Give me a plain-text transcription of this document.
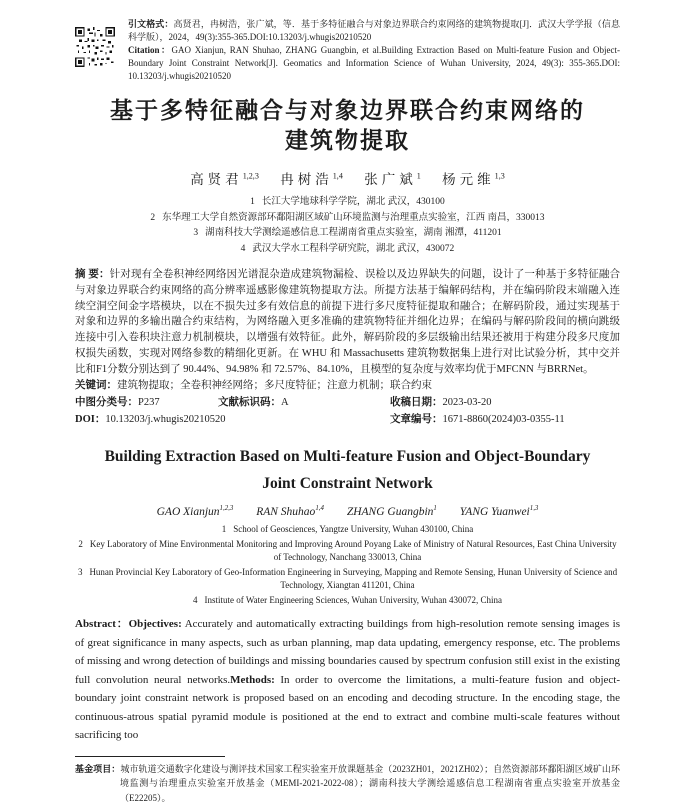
引文格式：高贤君，冉树浩，张广斌，等．基于多特征融合与对象边界联合约束网络的建筑物提取[J]．武汉大学学报（信息科学版），2024，49(3):355-365.DOI:10.13203/j.whugis20210520

Citation：GAO Xianjun, RAN Shuhao, ZHANG Guangbin, et al.Building Extraction Based on Multi-feature Fusion and Object-Boundary Joint Constraint Network[J]. Geomatics and Information Science of Wuhan University, 2024, 49(3): 355-365.DOI: 10.13203/j.whugis20210520

基于多特征融合与对象边界联合约束网络的
建筑物提取
高贤君$^{1,2,3}$ 冉树浩$^{1,4}$ 张广斌$^1$ 杨元维$^{1,3}$
1 长江大学地球科学学院，湖北 武汉，430100
2 东华理工大学自然资源部环鄱阳湖区域矿山环境监测与治理重点实验室，江西 南昌，330013
3 湖南科技大学测绘遥感信息工程湖南省重点实验室，湖南 湘潭，411201
4 武汉大学水工程科学研究院，湖北 武汉，430072

摘 要：针对现有全卷积神经网络因光谱混杂造成建筑物漏检、误检以及边界缺失的问题，设计了一种基于多特征融合与对象边界联合约束网络的高分辨率遥感影像建筑物提取方法。所提方法基于编解码结构，并在编码阶段末端融入连续空洞空间金字塔模块，以在不损失过多有效信息的前提下进行多尺度特征提取和融合；在解码阶段，通过实现基于对象和边界的多输出融合约束结构，为网络融入更多准确的建筑物特征并细化边界；在编码与解码阶段间的横向跳级连接中引入卷积块注意力机制模块，以增强有效特征。此外，解码阶段的多层级输出结果还被用于构建分段多尺度加权损失函数，实现对网络参数的精细化更新。在 WHU 和 Massachusetts 建筑物数据集上进行对比试验分析，其中交并比和F1分数分别达到了 90.44%、94.98% 和 72.57%、84.10%，且模型的复杂度与效率均优于MFCNN 与BRRNet。

关键词：建筑物提取；全卷积神经网络；多尺度特征；注意力机制；联合约束

中图分类号：P237	文献标识码：A	收稿日期：2023-03-20
DOI：10.13203/j.whugis20210520	文章编号：1671-8860(2024)03-0355-11
Building Extraction Based on Multi-feature Fusion and Object-Boundary
Joint Constraint Network
GAO Xianjun$^{1,2,3}$ RAN Shuhao$^{1,4}$ ZHANG Guangbin$^1$ YANG Yuanwei$^{1,3}$
1 School of Geosciences, Yangtze University, Wuhan 430100, China
2 Key Laboratory of Mine Environmental Monitoring and Improving Around Poyang Lake of Ministry of Natural Resources, East China University of Technology, Nanchang 330013, China
3 Hunan Provincial Key Laboratory of Geo-Information Engineering in Surveying, Mapping and Remote Sensing, Hunan University of Science and Technology, Xiangtan 411201, China
4 Institute of Water Engineering Sciences, Wuhan University, Wuhan 430072, China

Abstract：Objectives: Accurately and automatically extracting buildings from high-resolution remote sensing images is of great significance in many aspects, such as urban planning, map data updating, emergency response, etc. The problems of missing and wrong detection of buildings and missing boundaries caused by spectrum confusion still exist in the existing full convolution neural networks.Methods: In order to overcome the limitations, a multi-feature fusion and object-boundary joint constraint network is proposed based on an encoding and decoding structure. In the encoding stage, the continuous-atrous spatial pyramid module is positioned at the end to extract and combine multi-scale features without sacrificing too

基金项目：城市轨道交通数字化建设与测评技术国家工程实验室开放课题基金（2023ZH01，2021ZH02）；自然资源部环鄱阳湖区域矿山环境监测与治理重点实验室开放基金（MEMI-2021-2022-08）；湖南科技大学测绘遥感信息工程湖南省重点实验室开放基金（E22205）。
